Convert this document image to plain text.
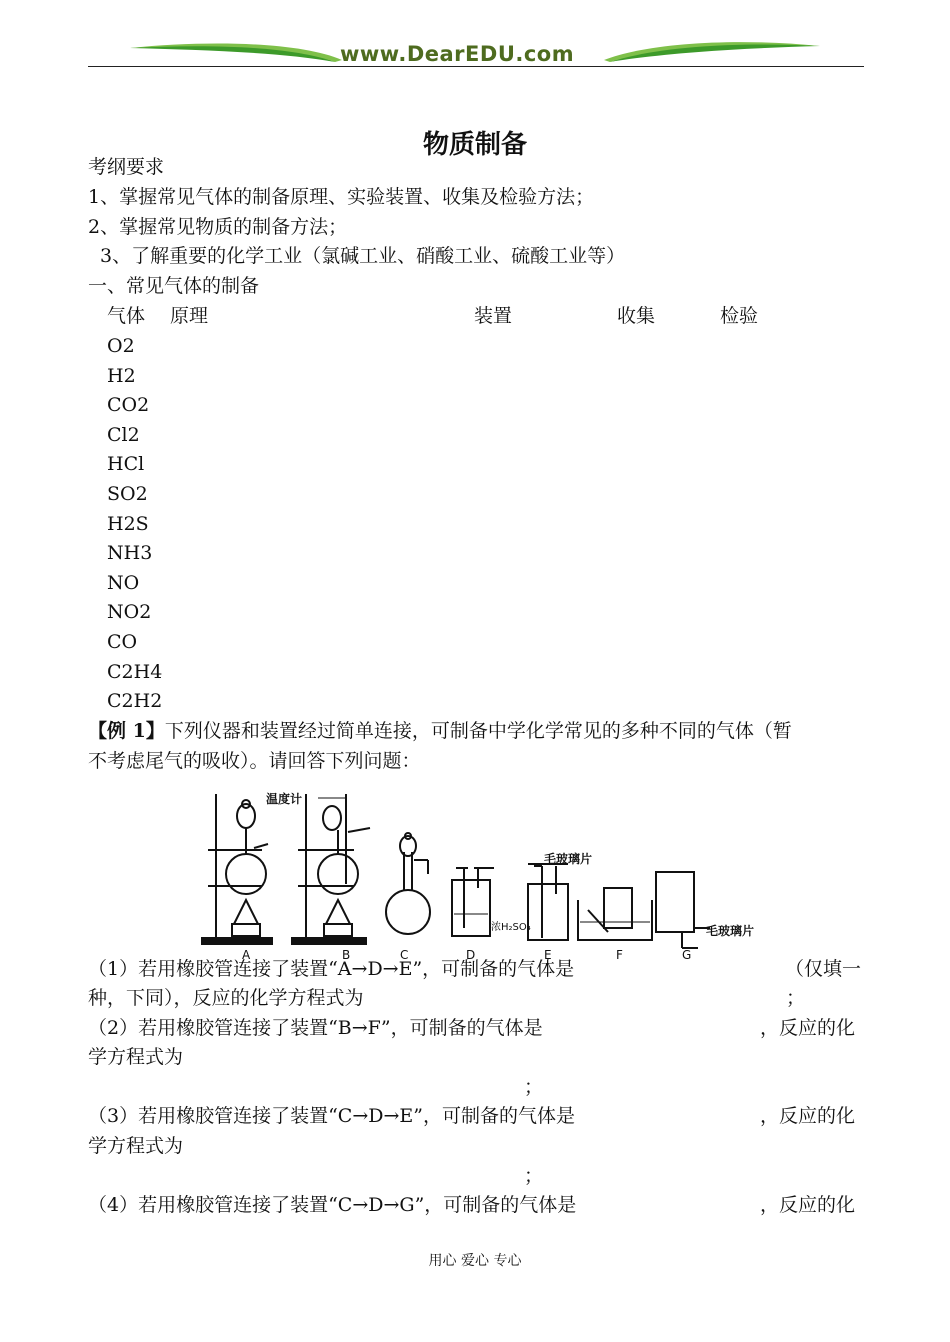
www.DearEDU.com
物质制备
考纲要求
1、掌握常见气体的制备原理、实验装置、收集及检验方法；
2、掌握常见物质的制备方法；
3、了解重要的化学工业（氯碱工业、硝酸工业、硫酸工业等）
一、常见气体的制备
气体 原理	装置	收集	检验
O2
H2
CO2
Cl2
HCl
SO2
H2S
NH3
NO
NO2
CO
C2H4
C2H2
【例 1】下列仪器和装置经过简单连接，可制备中学化学常见的多种不同的气体（暂
不考虑尾气的吸收）。请回答下列问题：
温度计
毛玻璃片
毛玻璃片
浓H₂SO₄
A	B	C	D	E	F	G
（1）若用橡胶管连接了装置“A→D→E”，可制备的气体是	（仅填一
种，下同），反应的化学方程式为	；
（2）若用橡胶管连接了装置“B→F”，可制备的气体是	，反应的化
学方程式为
；
（3）若用橡胶管连接了装置“C→D→E”，可制备的气体是	，反应的化
学方程式为
；
（4）若用橡胶管连接了装置“C→D→G”，可制备的气体是	，反应的化
用心 爱心 专心
